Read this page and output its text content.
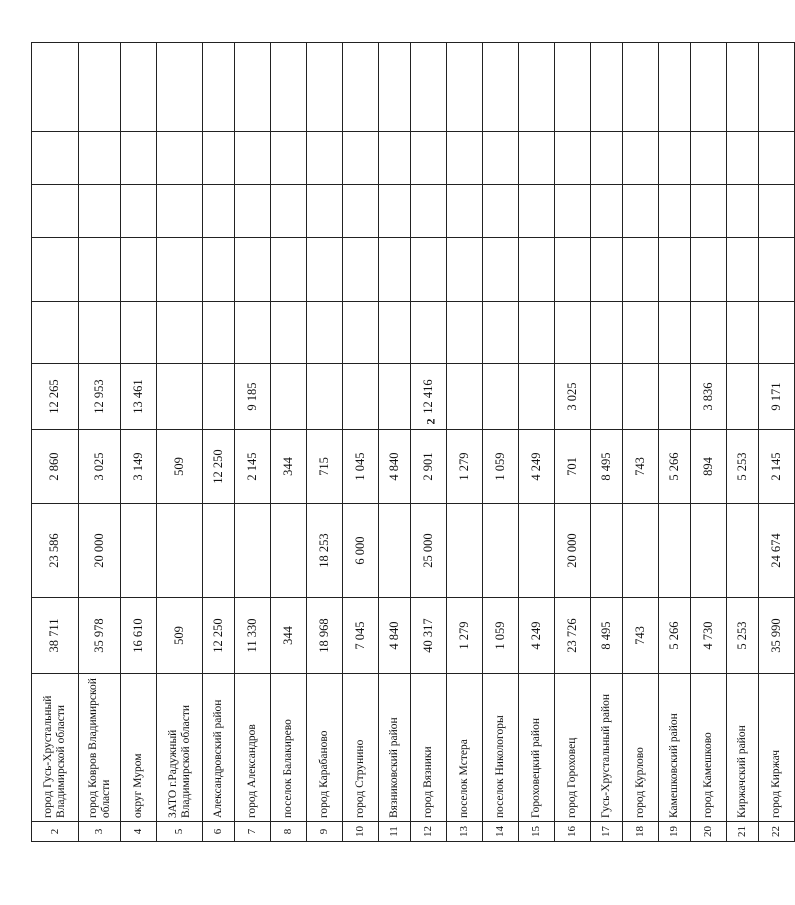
2
2	город Гусь-Хрустальный Владимирской области	38 711	23 586	2 860	12 265					
3	город Ковров Владимирской области	35 978	20 000	3 025	12 953					
4	округ Муром	16 610		3 149	13 461					
5	ЗАТО г.Радужный Владимирской области	509		509						
6	Александровский район	12 250		12 250						
7	город Александров	11 330		2 145	9 185					
8	поселок Балакирево	344		344						
9	город Карабаново	18 968	18 253	715						
10	город Струнино	7 045	6 000	1 045						
11	Вязниковский район	4 840		4 840						
12	город Вязники	40 317	25 000	2 901	12 416					
13	поселок Мстера	1 279		1 279						
14	поселок Никологоры	1 059		1 059						
15	Гороховецкий район	4 249		4 249						
16	город Гороховец	23 726	20 000	701	3 025					
17	Гусь-Хрустальный район	8 495		8 495						
18	город Курлово	743		743						
19	Камешковский район	5 266		5 266						
20	город Камешково	4 730		894	3 836					
21	Киржачский район	5 253		5 253						
22	город Киржач	35 990	24 674	2 145	9 171					
